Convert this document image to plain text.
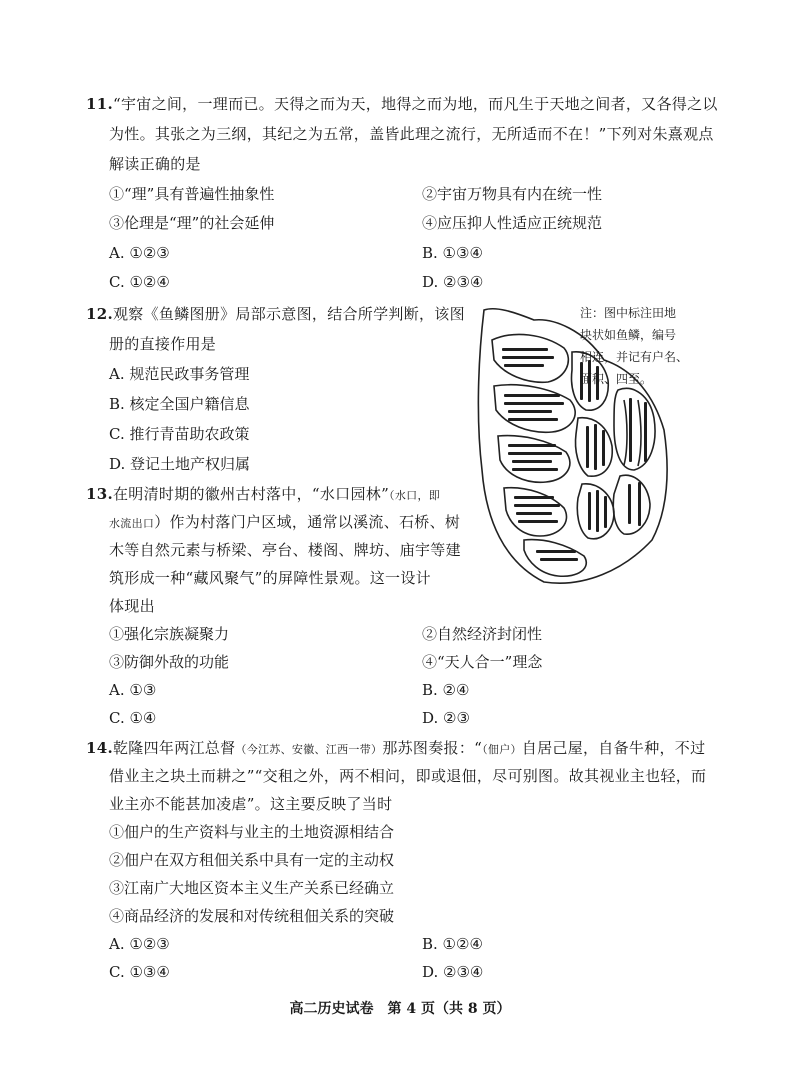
11.“宇宙之间，一理而已。天得之而为天，地得之而为地，而凡生于天地之间者，又各得之以
为性。其张之为三纲，其纪之为五常，盖皆此理之流行，无所适而不在！”下列对朱熹观点
解读正确的是
①“理”具有普遍性抽象性	②宇宙万物具有内在统一性
③伦理是“理”的社会延伸	④应压抑人性适应正统规范
A. ①②③	B. ①③④
C. ①②④	D. ②③④
12.观察《鱼鳞图册》局部示意图，结合所学判断，该图
册的直接作用是
A. 规范民政事务管理
B. 核定全国户籍信息
C. 推行青苗助农政策
D. 登记土地产权归属
注：图中标注田地
块状如鱼鳞，编号
相连，并记有户名、
面积、四至。
13.在明清时期的徽州古村落中，“水口园林”（水口，即
水流出口）作为村落门户区域，通常以溪流、石桥、树
木等自然元素与桥梁、亭台、楼阁、牌坊、庙宇等建
筑形成一种“藏风聚气”的屏障性景观。这一设计
体现出
①强化宗族凝聚力	②自然经济封闭性
③防御外敌的功能	④“天人合一”理念
A. ①③	B. ②④
C. ①④	D. ②③
14.乾隆四年两江总督（今江苏、安徽、江西一带）那苏图奏报：“（佃户）自居己屋，自备牛种，不过
借业主之块土而耕之”“交租之外，两不相问，即或退佃，尽可别图。故其视业主也轻，而
业主亦不能甚加凌虐”。这主要反映了当时
①佃户的生产资料与业主的土地资源相结合
②佃户在双方租佃关系中具有一定的主动权
③江南广大地区资本主义生产关系已经确立
④商品经济的发展和对传统租佃关系的突破
A. ①②③	B. ①②④
C. ①③④	D. ②③④
高二历史试卷　第 4 页（共 8 页）
